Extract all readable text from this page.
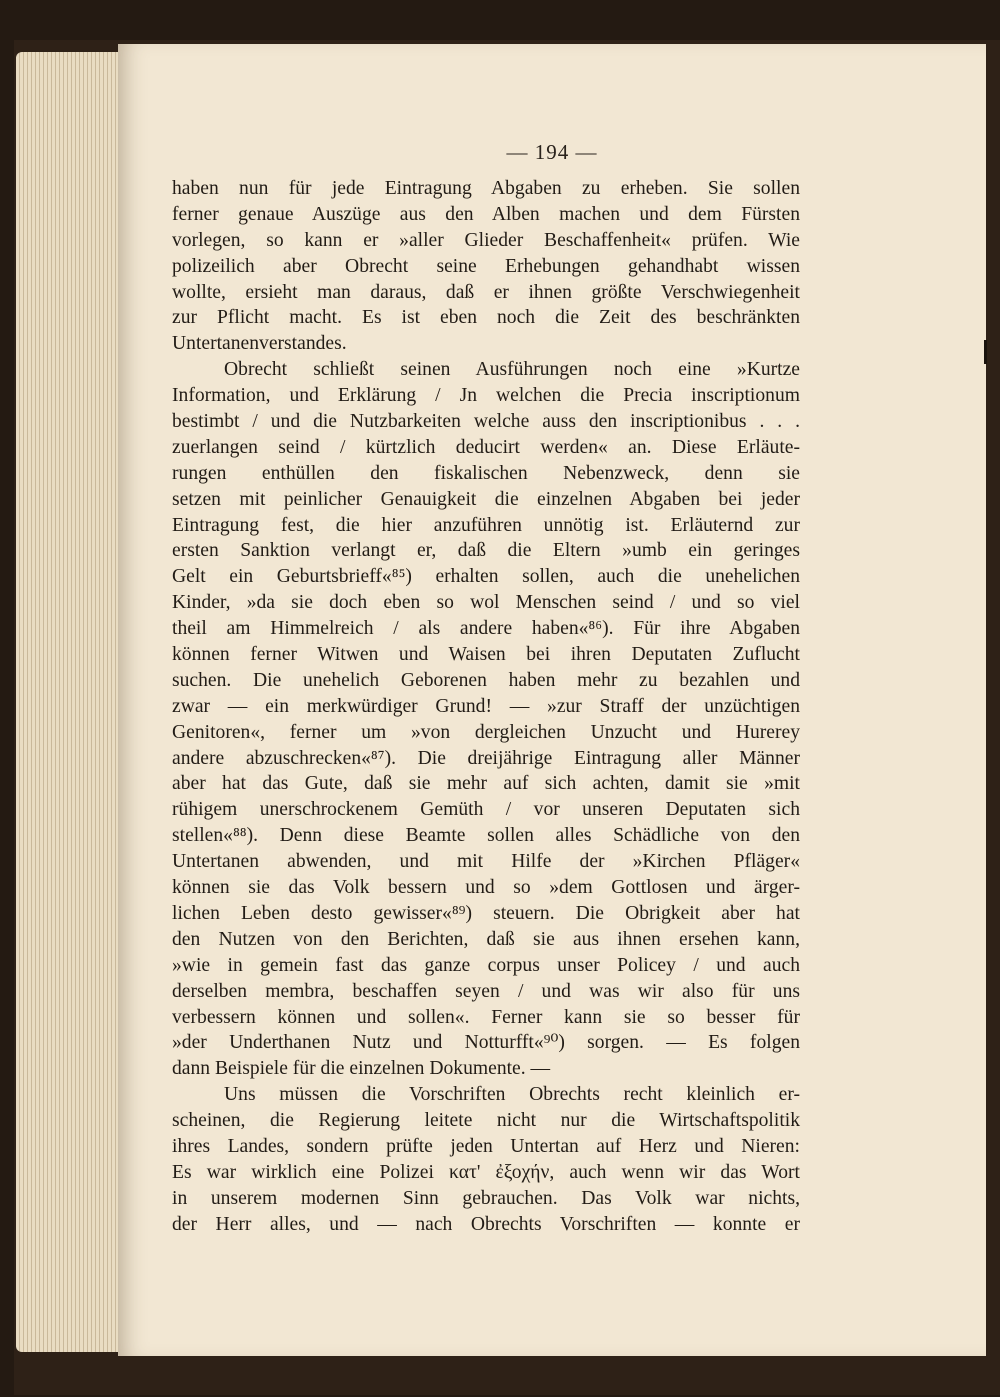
— 194 —
haben nun für jede Eintragung Abgaben zu erheben. Sie sollen
ferner genaue Auszüge aus den Alben machen und dem Fürsten
vorlegen, so kann er »aller Glieder Beschaffenheit« prüfen. Wie
polizeilich aber Obrecht seine Erhebungen gehandhabt wissen
wollte, ersieht man daraus, daß er ihnen größte Verschwiegenheit
zur Pflicht macht. Es ist eben noch die Zeit des beschränkten
Untertanenverstandes.
Obrecht schließt seinen Ausführungen noch eine »Kurtze
Information, und Erklärung / Jn welchen die Precia inscriptionum
bestimbt / und die Nutzbarkeiten welche auss den inscriptionibus . . .
zuerlangen seind / kürtzlich deducirt werden« an. Diese Erläute-
rungen enthüllen den fiskalischen Nebenzweck, denn sie
setzen mit peinlicher Genauigkeit die einzelnen Abgaben bei jeder
Eintragung fest, die hier anzuführen unnötig ist. Erläuternd zur
ersten Sanktion verlangt er, daß die Eltern »umb ein geringes
Gelt ein Geburtsbrieff«⁸⁵) erhalten sollen, auch die unehelichen
Kinder, »da sie doch eben so wol Menschen seind / und so viel
theil am Himmelreich / als andere haben«⁸⁶). Für ihre Abgaben
können ferner Witwen und Waisen bei ihren Deputaten Zuflucht
suchen. Die unehelich Geborenen haben mehr zu bezahlen und
zwar — ein merkwürdiger Grund! — »zur Straff der unzüchtigen
Genitoren«, ferner um »von dergleichen Unzucht und Hurerey
andere abzuschrecken«⁸⁷). Die dreijährige Eintragung aller Männer
aber hat das Gute, daß sie mehr auf sich achten, damit sie »mit
rühigem unerschrockenem Gemüth / vor unseren Deputaten sich
stellen«⁸⁸). Denn diese Beamte sollen alles Schädliche von den
Untertanen abwenden, und mit Hilfe der »Kirchen Pfläger«
können sie das Volk bessern und so »dem Gottlosen und ärger-
lichen Leben desto gewisser«⁸⁹) steuern. Die Obrigkeit aber hat
den Nutzen von den Berichten, daß sie aus ihnen ersehen kann,
»wie in gemein fast das ganze corpus unser Policey / und auch
derselben membra, beschaffen seyen / und was wir also für uns
verbessern können und sollen«. Ferner kann sie so besser für
»der Underthanen Nutz und Notturfft«⁹⁰) sorgen. — Es folgen
dann Beispiele für die einzelnen Dokumente. —
Uns müssen die Vorschriften Obrechts recht kleinlich er-
scheinen, die Regierung leitete nicht nur die Wirtschaftspolitik
ihres Landes, sondern prüfte jeden Untertan auf Herz und Nieren:
Es war wirklich eine Polizei κατ' ἐξοχήν, auch wenn wir das Wort
in unserem modernen Sinn gebrauchen. Das Volk war nichts,
der Herr alles, und — nach Obrechts Vorschriften — konnte er
